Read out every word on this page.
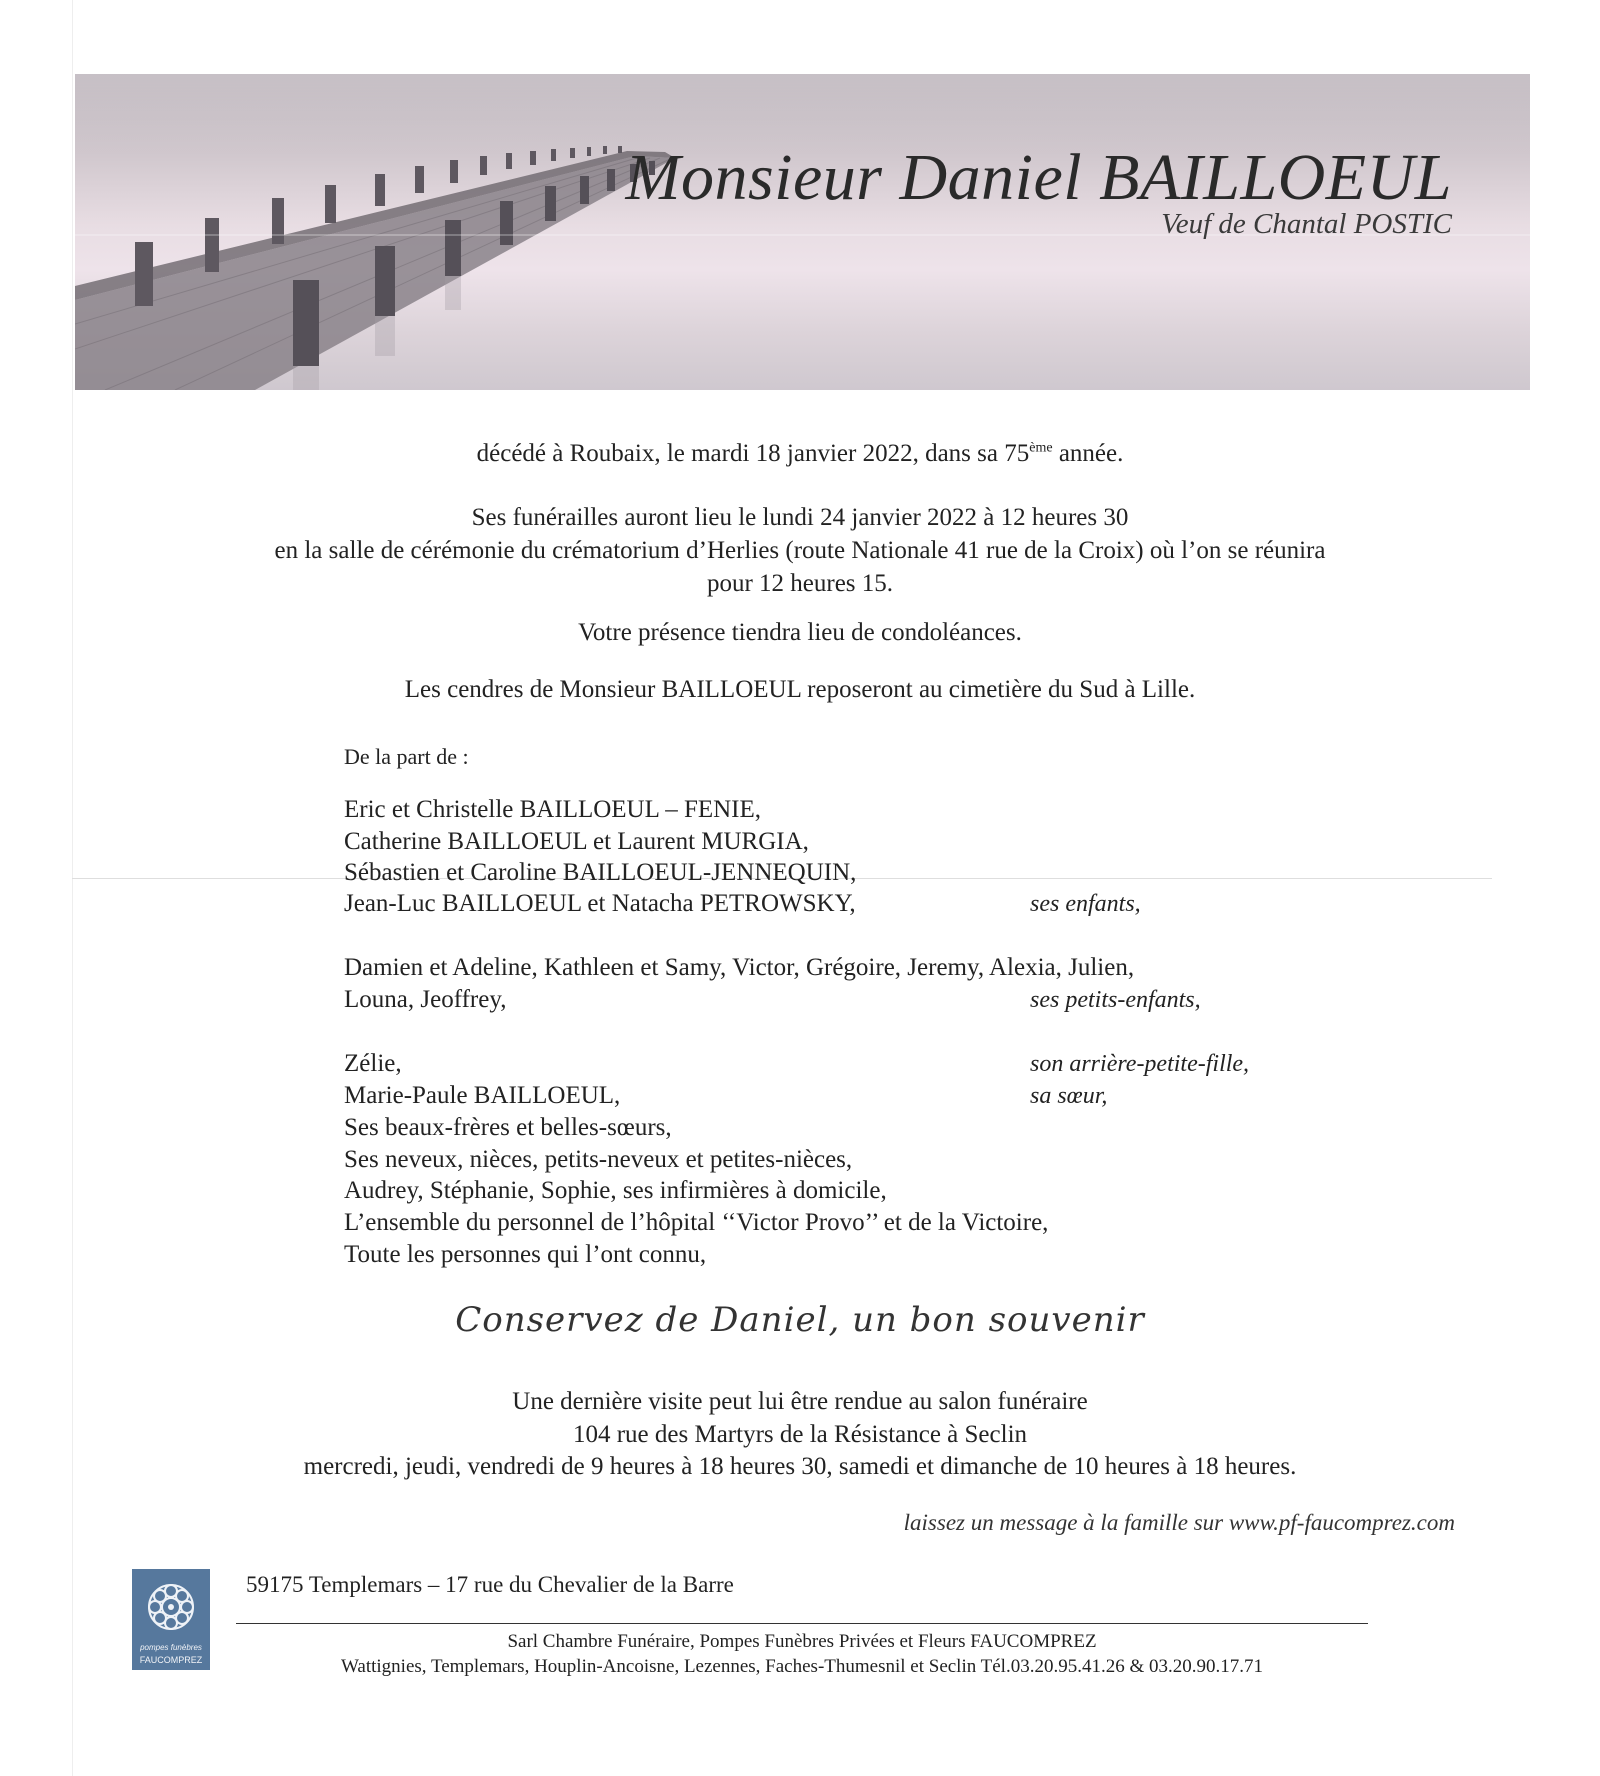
Monsieur Daniel BAILLOEUL
Veuf de Chantal POSTIC
décédé à Roubaix, le mardi 18 janvier 2022, dans sa 75ème année.
Ses funérailles auront lieu le lundi 24 janvier 2022 à 12 heures 30
en la salle de cérémonie du crématorium d’Herlies (route Nationale 41 rue de la Croix) où l’on se réunira
pour 12 heures 15.
Votre présence tiendra lieu de condoléances.
Les cendres de Monsieur BAILLOEUL reposeront au cimetière du Sud à Lille.
De la part de :
Eric et Christelle BAILLOEUL – FENIE,
Catherine BAILLOEUL et Laurent MURGIA,
Sébastien et Caroline BAILLOEUL-JENNEQUIN,
Jean-Luc BAILLOEUL et Natacha PETROWSKY,	ses enfants,
Damien et Adeline, Kathleen et Samy, Victor, Grégoire, Jeremy, Alexia, Julien,
Louna, Jeoffrey,	ses petits-enfants,
Zélie,	son arrière-petite-fille,
Marie-Paule BAILLOEUL,	sa sœur,
Ses beaux-frères et belles-sœurs,
Ses neveux, nièces, petits-neveux et petites-nièces,
Audrey, Stéphanie, Sophie, ses infirmières à domicile,
L’ensemble du personnel de l’hôpital ‘‘Victor Provo’’ et de la Victoire,
Toute les personnes qui l’ont connu,
Conservez de Daniel, un bon souvenir
Une dernière visite peut lui être rendue au salon funéraire
104 rue des Martyrs de la Résistance à Seclin
mercredi, jeudi, vendredi de 9 heures à 18 heures 30, samedi et dimanche de 10 heures à 18 heures.
laissez un message à la famille sur www.pf-faucomprez.com
pompes funèbres
FAUCOMPREZ
59175 Templemars – 17 rue du Chevalier de la Barre
Sarl Chambre Funéraire, Pompes Funèbres Privées et Fleurs FAUCOMPREZ
Wattignies, Templemars, Houplin-Ancoisne, Lezennes, Faches-Thumesnil et Seclin Tél.03.20.95.41.26 & 03.20.90.17.71
